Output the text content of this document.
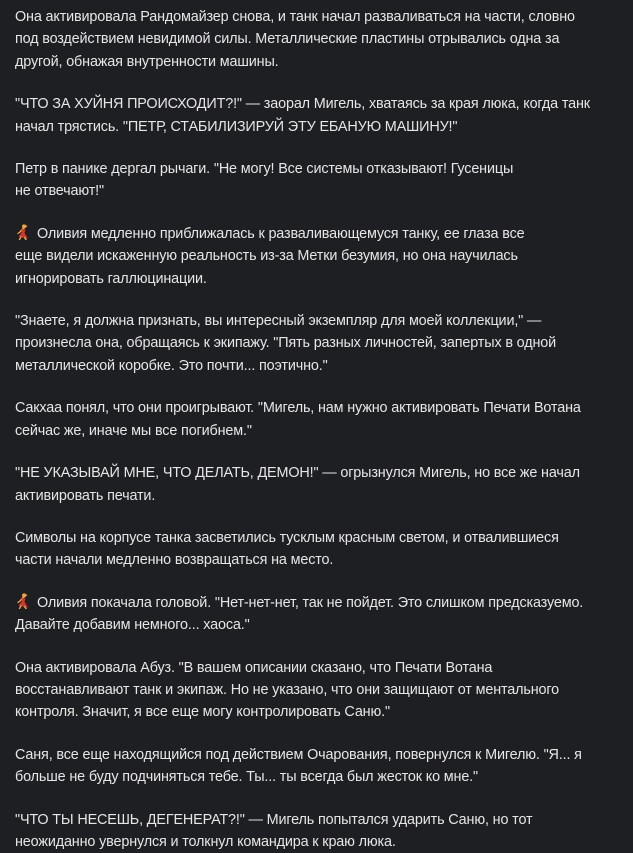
Она активировала Рандомайзер снова, и танк начал разваливаться на части, словно
под воздействием невидимой силы. Металлические пластины отрывались одна за
другой, обнажая внутренности машины.
"ЧТО ЗА ХУЙНЯ ПРОИСХОДИТ?!" — заорал Мигель, хватаясь за края люка, когда танк
начал трястись. "ПЕТР, СТАБИЛИЗИРУЙ ЭТУ ЕБАНУЮ МАШИНУ!"
Петр в панике дергал рычаги. "Не могу! Все системы отказывают! Гусеницы
не отвечают!"
Оливия медленно приближалась к разваливающемуся танку, ее глаза все
еще видели искаженную реальность из-за Метки безумия, но она научилась
игнорировать галлюцинации.
"Знаете, я должна признать, вы интересный экземпляр для моей коллекции," —
произнесла она, обращаясь к экипажу. "Пять разных личностей, запертых в одной
металлической коробке. Это почти... поэтично."
Сакхаа понял, что они проигрывают. "Мигель, нам нужно активировать Печати Вотана
сейчас же, иначе мы все погибнем."
"НЕ УКАЗЫВАЙ МНЕ, ЧТО ДЕЛАТЬ, ДЕМОН!" — огрызнулся Мигель, но все же начал
активировать печати.
Символы на корпусе танка засветились тусклым красным светом, и отвалившиеся
части начали медленно возвращаться на место.
Оливия покачала головой. "Нет-нет-нет, так не пойдет. Это слишком предсказуемо.
Давайте добавим немного... хаоса."
Она активировала Абуз. "В вашем описании сказано, что Печати Вотана
восстанавливают танк и экипаж. Но не указано, что они защищают от ментального
контроля. Значит, я все еще могу контролировать Саню."
Саня, все еще находящийся под действием Очарования, повернулся к Мигелю. "Я... я
больше не буду подчиняться тебе. Ты... ты всегда был жесток ко мне."
"ЧТО ТЫ НЕСЕШЬ, ДЕГЕНЕРАТ?!" — Мигель попытался ударить Саню, но тот
неожиданно увернулся и толкнул командира к краю люка.
